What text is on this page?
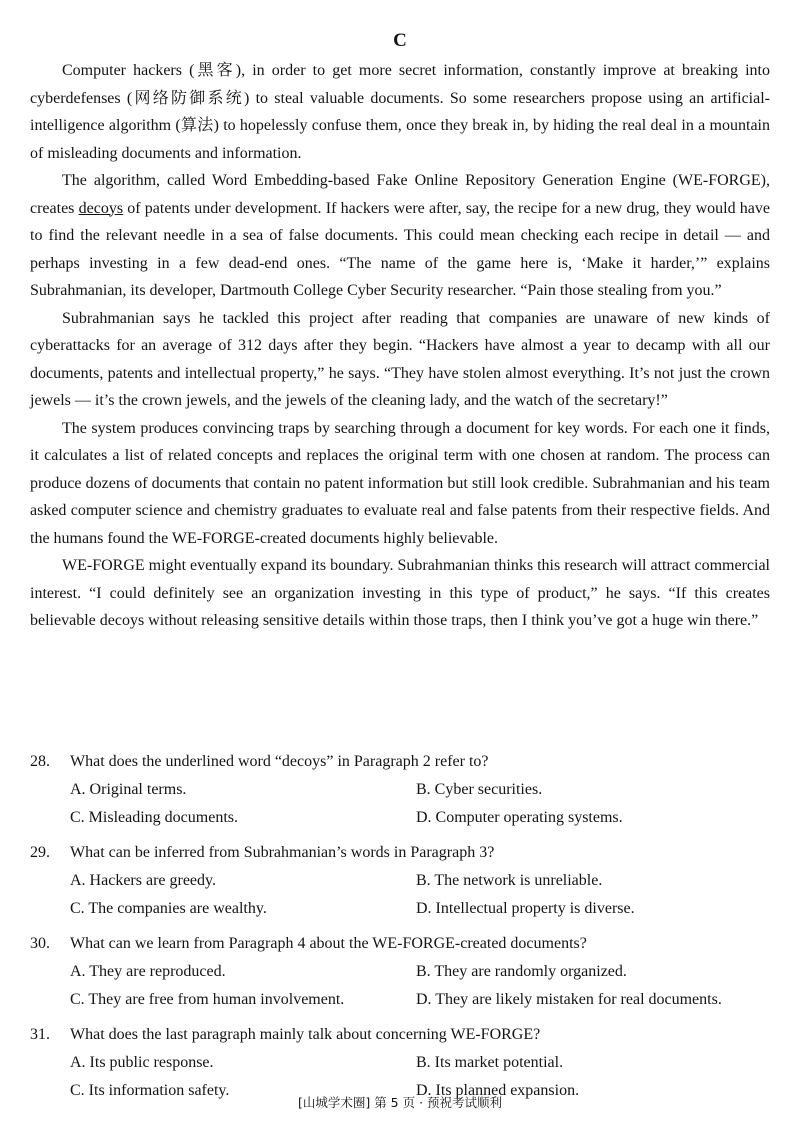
C

Computer hackers (黑客), in order to get more secret information, constantly improve at breaking into cyberdefenses (网络防御系统) to steal valuable documents. So some researchers propose using an artificial-intelligence algorithm (算法) to hopelessly confuse them, once they break in, by hiding the real deal in a mountain of misleading documents and information.

The algorithm, called Word Embedding-based Fake Online Repository Generation Engine (WE-FORGE), creates decoys of patents under development. If hackers were after, say, the recipe for a new drug, they would have to find the relevant needle in a sea of false documents. This could mean checking each recipe in detail — and perhaps investing in a few dead-end ones. “The name of the game here is, ‘Make it harder,’” explains Subrahmanian, its developer, Dartmouth College Cyber Security researcher. “Pain those stealing from you.”

Subrahmanian says he tackled this project after reading that companies are unaware of new kinds of cyberattacks for an average of 312 days after they begin. “Hackers have almost a year to decamp with all our documents, patents and intellectual property,” he says. “They have stolen almost everything. It’s not just the crown jewels — it’s the crown jewels, and the jewels of the cleaning lady, and the watch of the secretary!”

The system produces convincing traps by searching through a document for key words. For each one it finds, it calculates a list of related concepts and replaces the original term with one chosen at random. The process can produce dozens of documents that contain no patent information but still look credible. Subrahmanian and his team asked computer science and chemistry graduates to evaluate real and false patents from their respective fields. And the humans found the WE-FORGE-created documents highly believable.

WE-FORGE might eventually expand its boundary. Subrahmanian thinks this research will attract commercial interest. “I could definitely see an organization investing in this type of product,” he says. “If this creates believable decoys without releasing sensitive details within those traps, then I think you’ve got a huge win there.”

28.	What does the underlined word “decoys” in Paragraph 2 refer to?
A. Original terms.	B. Cyber securities.
C. Misleading documents.	D. Computer operating systems.
29.	What can be inferred from Subrahmanian’s words in Paragraph 3?
A. Hackers are greedy.	B. The network is unreliable.
C. The companies are wealthy.	D. Intellectual property is diverse.
30.	What can we learn from Paragraph 4 about the WE-FORGE-created documents?
A. They are reproduced.	B. They are randomly organized.
C. They are free from human involvement.	D. They are likely mistaken for real documents.
31.	What does the last paragraph mainly talk about concerning WE-FORGE?
A. Its public response.	B. Its market potential.
C. Its information safety.	D. Its planned expansion.
[山城学术圈] 第 5 页 · 预祝考试顺利
